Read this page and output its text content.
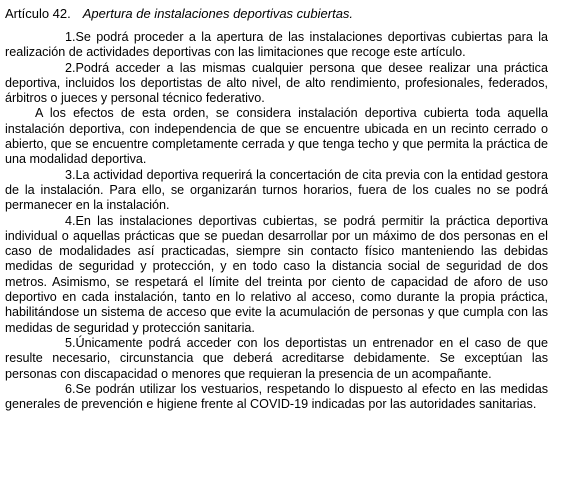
Artículo 42. Apertura de instalaciones deportivas cubiertas.

1.Se podrá proceder a la apertura de las instalaciones deportivas cubiertas para la realización de actividades deportivas con las limitaciones que recoge este artículo.

2.Podrá acceder a las mismas cualquier persona que desee realizar una práctica deportiva, incluidos los deportistas de alto nivel, de alto rendimiento, profesionales, federados, árbitros o jueces y personal técnico federativo.

A los efectos de esta orden, se considera instalación deportiva cubierta toda aquella instalación deportiva, con independencia de que se encuentre ubicada en un recinto cerrado o abierto, que se encuentre completamente cerrada y que tenga techo y que permita la práctica de una modalidad deportiva.

3.La actividad deportiva requerirá la concertación de cita previa con la entidad gestora de la instalación. Para ello, se organizarán turnos horarios, fuera de los cuales no se podrá permanecer en la instalación.

4.En las instalaciones deportivas cubiertas, se podrá permitir la práctica deportiva individual o aquellas prácticas que se puedan desarrollar por un máximo de dos personas en el caso de modalidades así practicadas, siempre sin contacto físico manteniendo las debidas medidas de seguridad y protección, y en todo caso la distancia social de seguridad de dos metros. Asimismo, se respetará el límite del treinta por ciento de capacidad de aforo de uso deportivo en cada instalación, tanto en lo relativo al acceso, como durante la propia práctica, habilitándose un sistema de acceso que evite la acumulación de personas y que cumpla con las medidas de seguridad y protección sanitaria.

5.Únicamente podrá acceder con los deportistas un entrenador en el caso de que resulte necesario, circunstancia que deberá acreditarse debidamente. Se exceptúan las personas con discapacidad o menores que requieran la presencia de un acompañante.

6.Se podrán utilizar los vestuarios, respetando lo dispuesto al efecto en las medidas generales de prevención e higiene frente al COVID-19 indicadas por las autoridades sanitarias.
